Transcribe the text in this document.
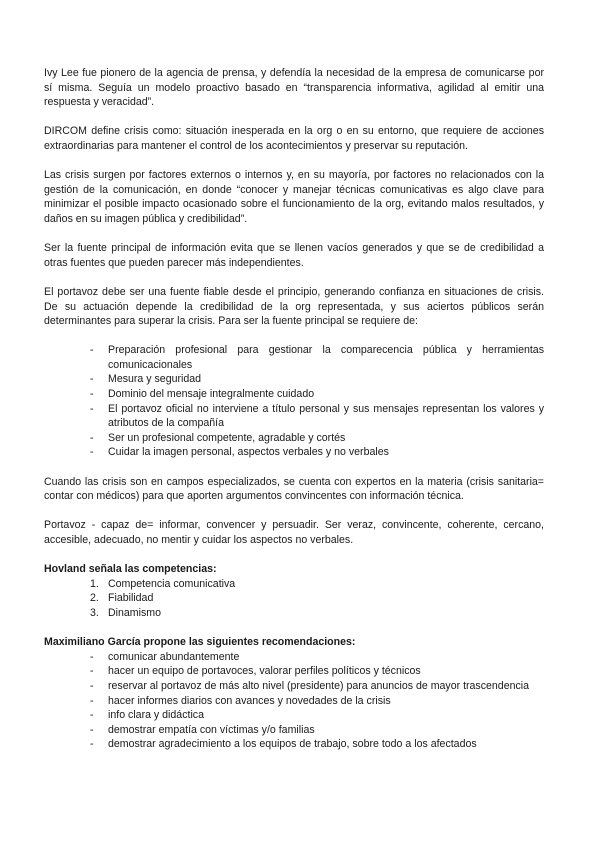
Ivy Lee fue pionero de la agencia de prensa, y defendía la necesidad de la empresa de comunicarse por sí misma. Seguía un modelo proactivo basado en “transparencia informativa, agilidad al emitir una respuesta y veracidad”.

DIRCOM define crisis como: situación inesperada en la org o en su entorno, que requiere de acciones extraordinarias para mantener el control de los acontecimientos y preservar su reputación.

Las crisis surgen por factores externos o internos y, en su mayoría, por factores no relacionados con la gestión de la comunicación, en donde “conocer y manejar técnicas comunicativas es algo clave para minimizar el posible impacto ocasionado sobre el funcionamiento de la org, evitando malos resultados, y daños en su imagen pública y credibilidad”.

Ser la fuente principal de información evita que se llenen vacíos generados y que se de credibilidad a otras fuentes que pueden parecer más independientes.

El portavoz debe ser una fuente fiable desde el principio, generando confianza en situaciones de crisis. De su actuación depende la credibilidad de la org representada, y sus aciertos públicos serán determinantes para superar la crisis. Para ser la fuente principal se requiere de:

- Preparación profesional para gestionar la comparecencia pública y herramientas comunicacionales
- Mesura y seguridad
- Dominio del mensaje integralmente cuidado
- El portavoz oficial no interviene a título personal y sus mensajes representan los valores y atributos de la compañía
- Ser un profesional competente, agradable y cortés
- Cuidar la imagen personal, aspectos verbales y no verbales

Cuando las crisis son en campos especializados, se cuenta con expertos en la materia (crisis sanitaria= contar con médicos) para que aporten argumentos convincentes con información técnica.

Portavoz - capaz de= informar, convencer y persuadir. Ser veraz, convincente, coherente, cercano, accesible, adecuado, no mentir y cuidar los aspectos no verbales.

Hovland señala las competencias:
1. Competencia comunicativa
2. Fiabilidad
3. Dinamismo
Maximiliano García propone las siguientes recomendaciones:
- comunicar abundantemente
- hacer un equipo de portavoces, valorar perfiles políticos y técnicos
- reservar al portavoz de más alto nivel (presidente) para anuncios de mayor trascendencia
- hacer informes diarios con avances y novedades de la crisis
- info clara y didáctica
- demostrar empatía con víctimas y/o familias
- demostrar agradecimiento a los equipos de trabajo, sobre todo a los afectados
